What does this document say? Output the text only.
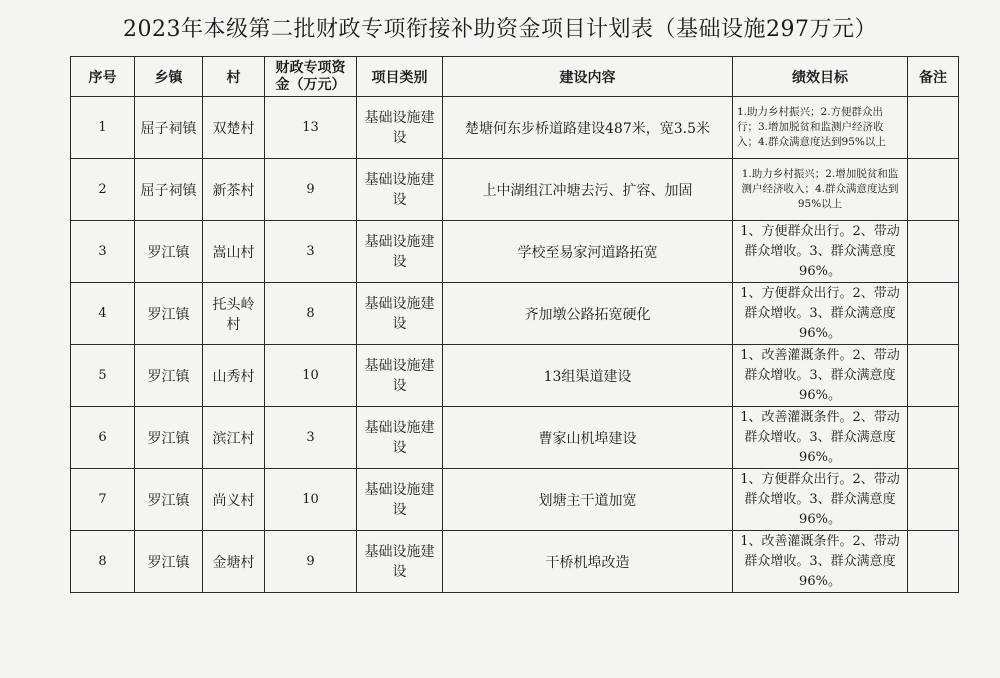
2023年本级第二批财政专项衔接补助资金项目计划表（基础设施297万元）
序号	乡镇	村	财政专项资金（万元）	项目类别	建设内容	绩效目标	备注
1	屈子祠镇	双楚村	13	基础设施建设	楚塘何东步桥道路建设487米，宽3.5米	1.助力乡村振兴；2.方便群众出行；3.增加脱贫和监测户经济收入；4.群众满意度达到95%以上	
2	屈子祠镇	新茶村	9	基础设施建设	上中湖组江冲塘去污、扩容、加固	1.助力乡村振兴；2.增加脱贫和监测户经济收入；4.群众满意度达到95%以上	
3	罗江镇	嵩山村	3	基础设施建设	学校至易家河道路拓宽	1、方便群众出行。2、带动群众增收。3、群众满意度96%。	
4	罗江镇	托头岭村	8	基础设施建设	齐加墩公路拓宽硬化	1、方便群众出行。2、带动群众增收。3、群众满意度96%。	
5	罗江镇	山秀村	10	基础设施建设	13组渠道建设	1、改善灌溉条件。2、带动群众增收。3、群众满意度96%。	
6	罗江镇	滨江村	3	基础设施建设	曹家山机埠建设	1、改善灌溉条件。2、带动群众增收。3、群众满意度96%。	
7	罗江镇	尚义村	10	基础设施建设	划塘主干道加宽	1、方便群众出行。2、带动群众增收。3、群众满意度96%。	
8	罗江镇	金塘村	9	基础设施建设	干桥机埠改造	1、改善灌溉条件。2、带动群众增收。3、群众满意度96%。	
